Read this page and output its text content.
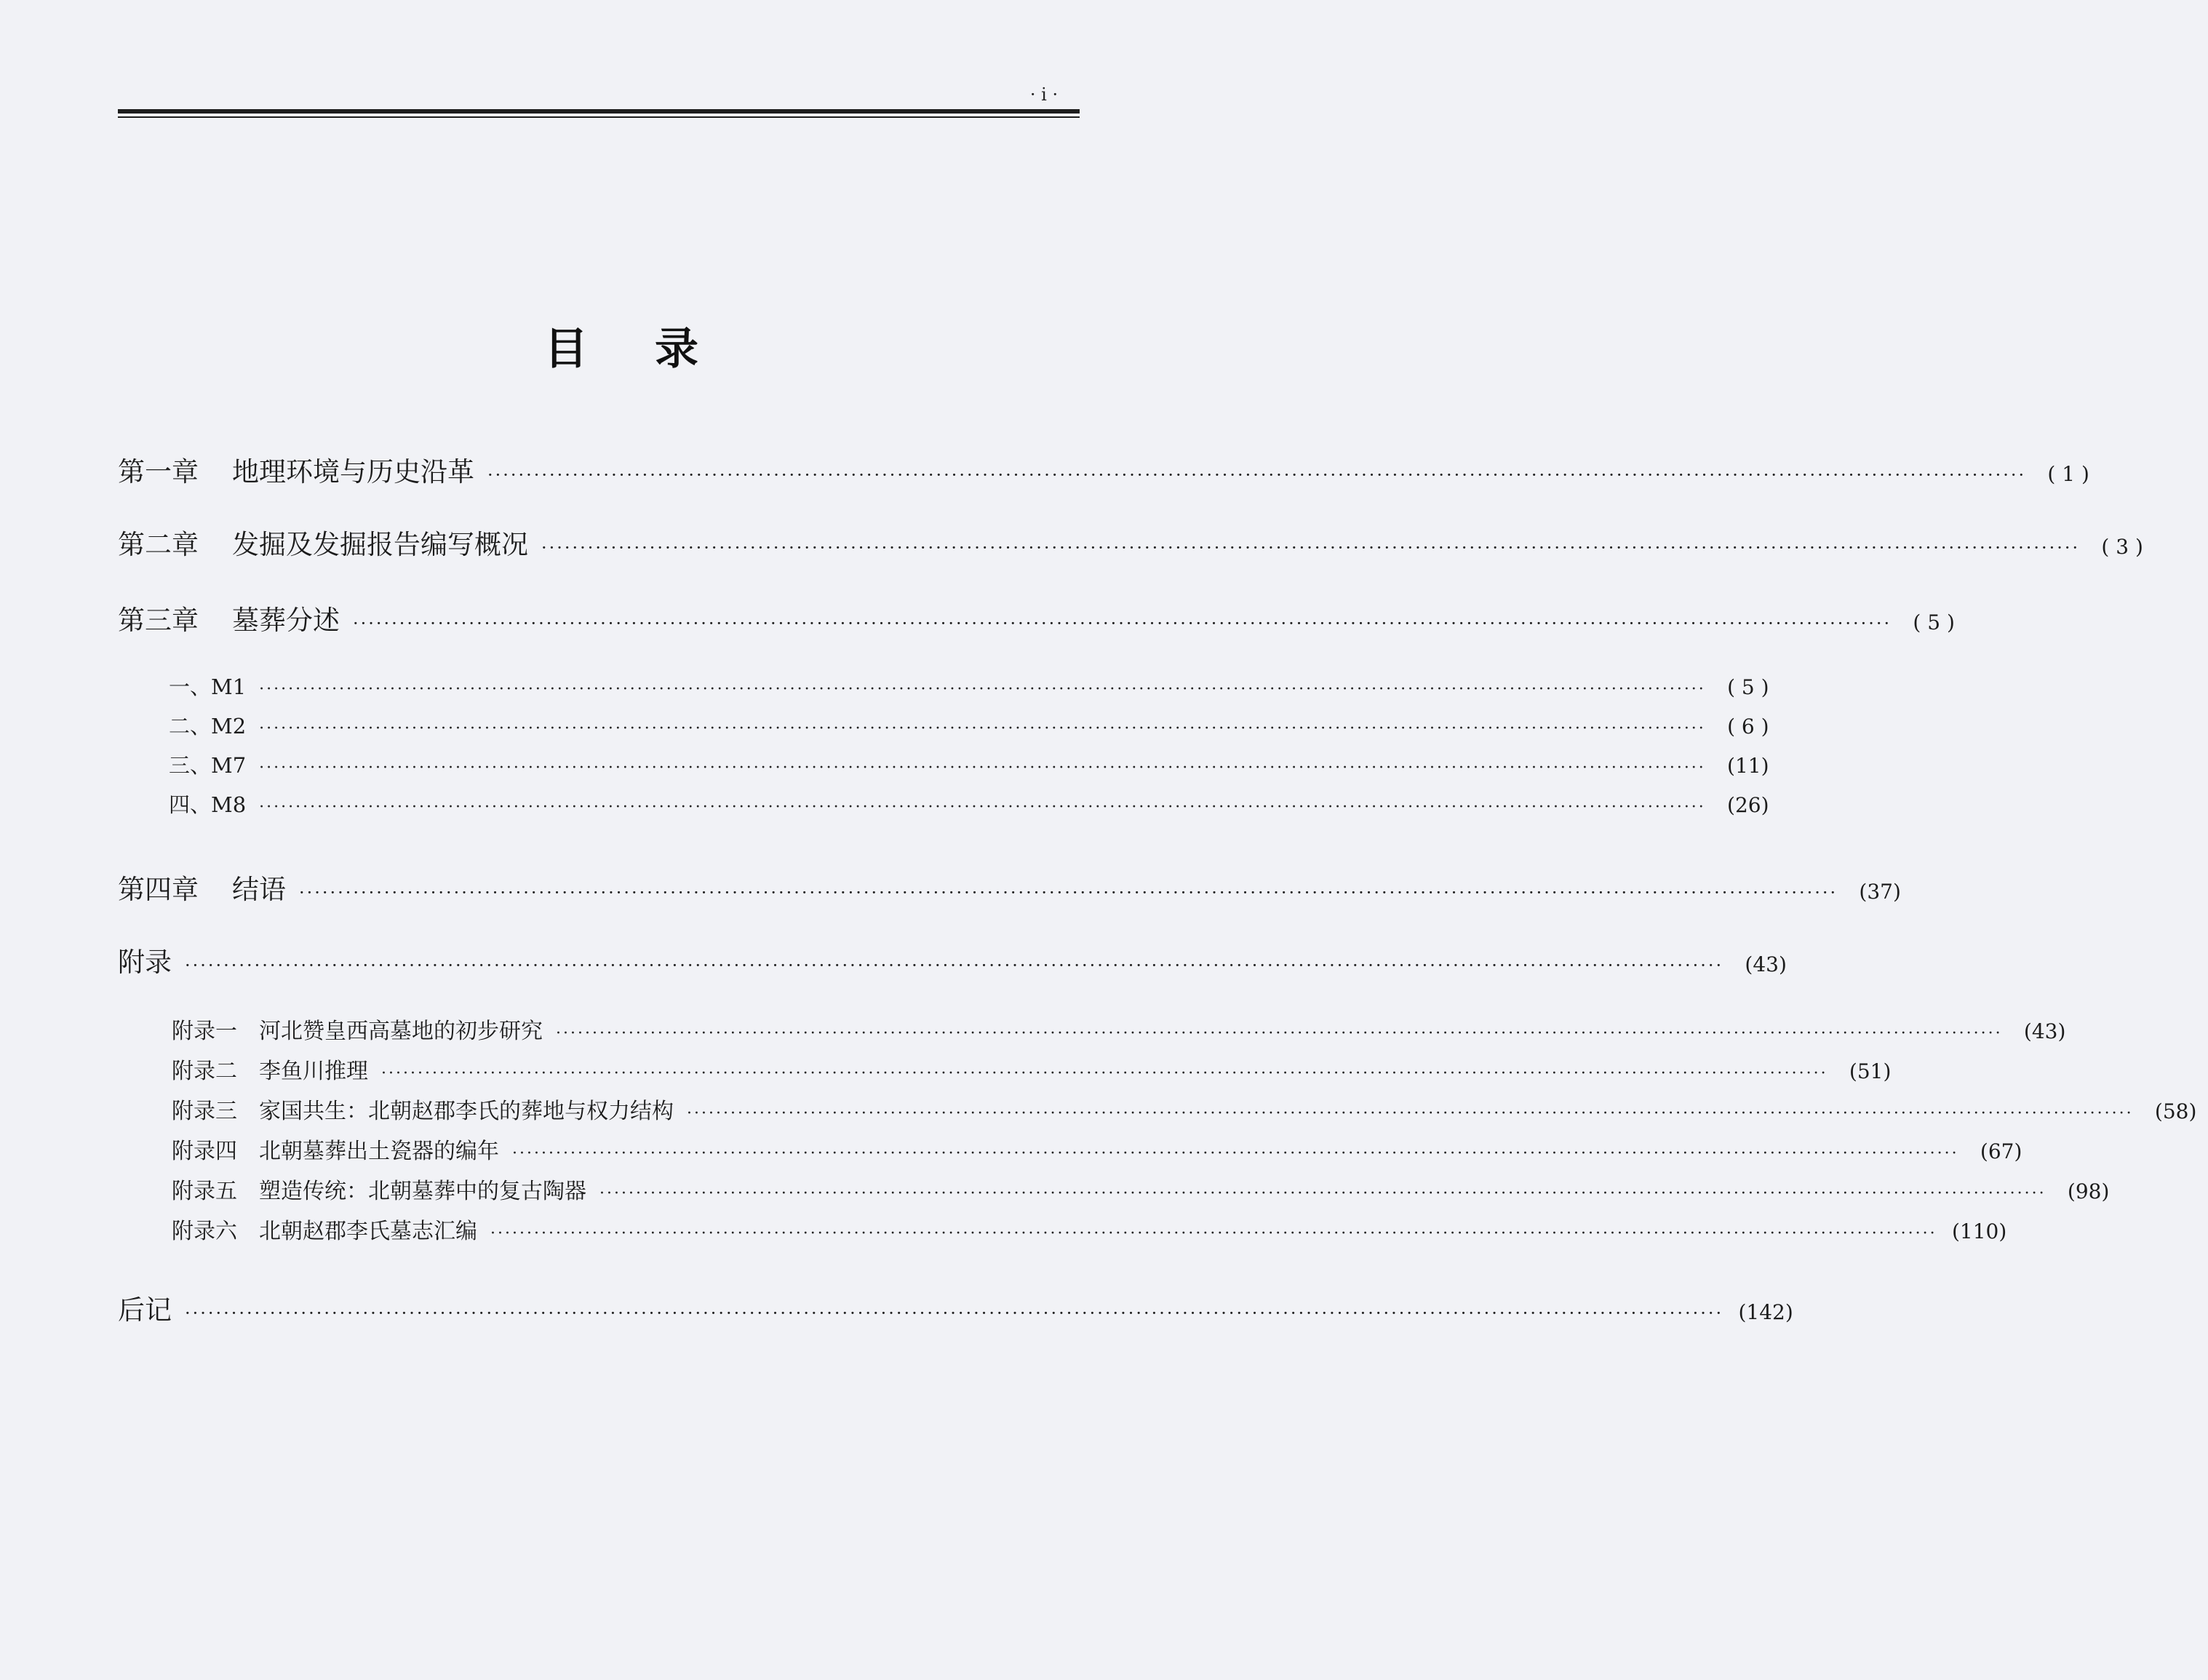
· i ·
目录
第一章 地理环境与历史沿革 ·······································································································································································································	( 1 )
第二章 发掘及发掘报告编写概况 ·······································································································································································································	( 3 )
第三章 墓葬分述 ·······································································································································································································	( 5 )
一、M1 ·······································································································································································································	( 5 )
二、M2 ·······································································································································································································	( 6 )
三、M7 ·······································································································································································································	(11)
四、M8 ·······································································································································································································	(26)
第四章 结语 ·······································································································································································································	(37)
附录 ·······································································································································································································	(43)
附录一 河北赞皇西高墓地的初步研究 ·······································································································································································································	(43)
附录二 李鱼川推理 ·······································································································································································································	(51)
附录三 家国共生：北朝赵郡李氏的葬地与权力结构 ·······································································································································································································	(58)
附录四 北朝墓葬出土瓷器的编年 ·······································································································································································································	(67)
附录五 塑造传统：北朝墓葬中的复古陶器 ·······································································································································································································	(98)
附录六 北朝赵郡李氏墓志汇编 ······································································································································································································· (110)
后记 ······································································································································································································· (142)
